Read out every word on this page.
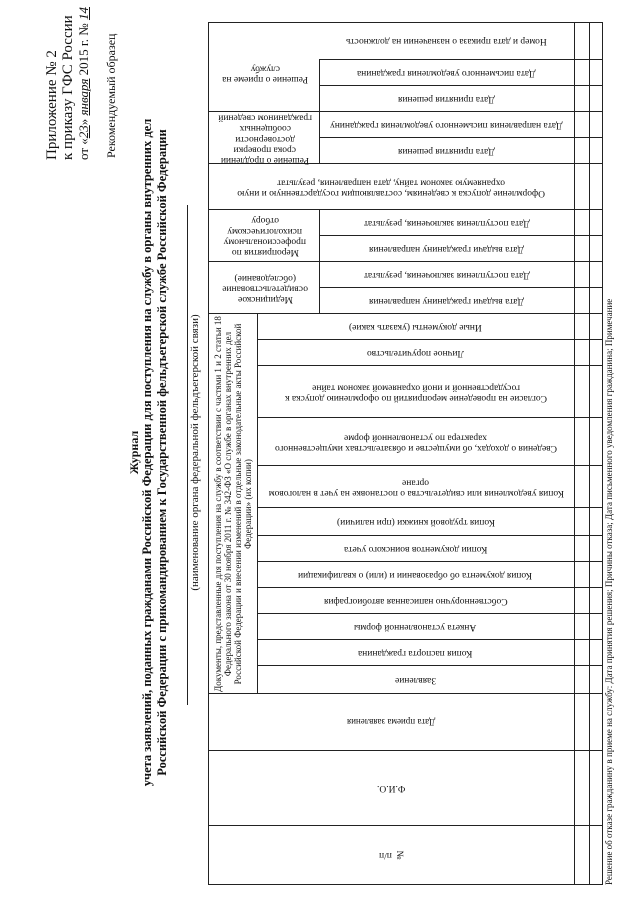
Приложение № 2 к приказу ГФС России от «23» января 2015 г. № 14
Рекомендуемый образец
Журнал учета заявлений, поданных гражданами Российской Федерации для поступления на службу в органы внутренних дел Российской Федерации с прикомандированием к Государственной фельдъегерской службе Российской Федерации (наименование органа федеральной фельдъегерской связи)
№ п/п
Ф.И.О.
Дата приема заявления
Документы, представленные для поступления на службу в соответствии с частями 1 и 2 статьи 18 Федерального закона от 30 ноября 2011 г. № 342-ФЗ «О службе в органах внутренних дел Российской Федерации и внесении изменений в отдельные законодательные акты Российской Федерации» (их копии)
Заявление
Копия паспорта гражданина
Анкета установленной формы
Собственноручно написанная автобиография
Копия документа об образовании и (или) о квалификации
Копии документов воинского учета
Копия трудовой книжки (при наличии)
Копия уведомления или свидетельства о постановке на учет в налоговом органе
Сведения о доходах, об имуществе и обязательствах имущественного характера по установленной форме
Согласие на проведение мероприятий по оформлению допуска к государственной и иной охраняемой законом тайне
Личное поручительство
Иные документы (указать какие)
Медицинское освидетельствование (обследование)
Дата выдачи гражданину направления
Дата поступления заключения, результат
Мероприятия по профессиональному психологическому отбору
Дата выдачи гражданину направления
Дата поступления заключения, результат
Оформление допуска к сведениям, составляющим государственную и иную охраняемую законом тайну, дата направления, результат
Решение о продлении срока проверки достоверности сообщенных гражданином сведений
Дата принятия решения
Дата направления письменного уведомления гражданину
Решение о приеме на службу
Дата принятия решения
Дата письменного уведомления гражданина
Номер и дата приказа о назначении на должность
Решение об отказе гражданину в приеме на службу: Дата принятия решения; Причины отказа; Дата письменного уведомления гражданина; Примечание
